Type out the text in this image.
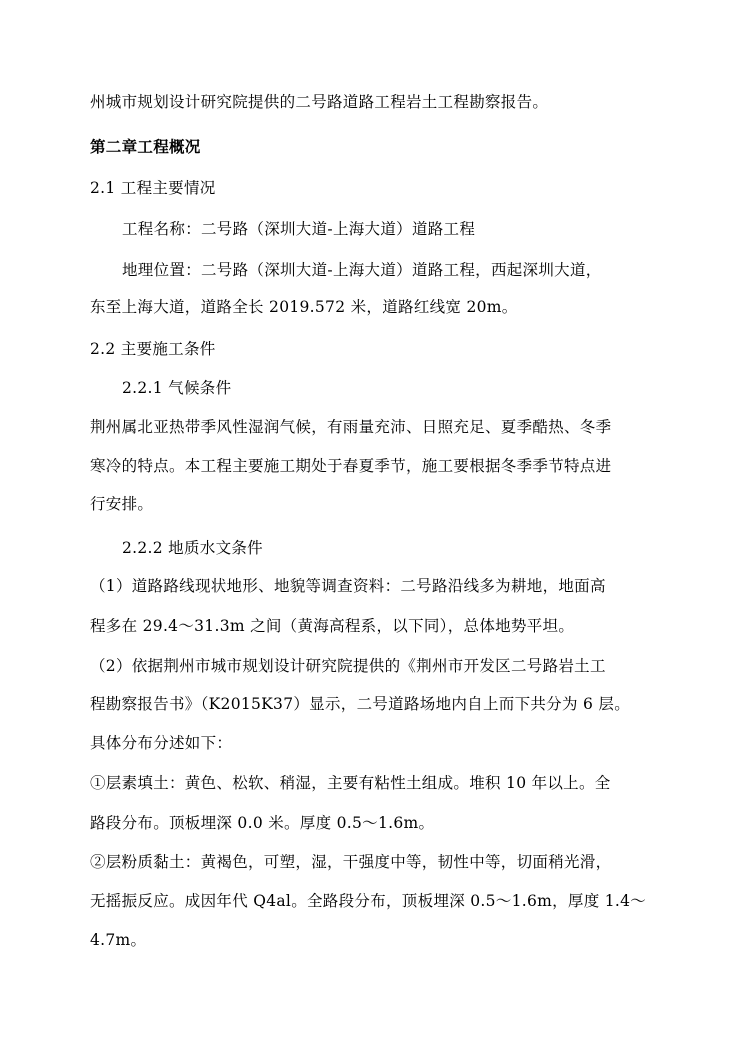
州城市规划设计研究院提供的二号路道路工程岩土工程勘察报告。
第二章工程概况
2.1 工程主要情况
工程名称：二号路（深圳大道-上海大道）道路工程
地理位置：二号路（深圳大道-上海大道）道路工程，西起深圳大道，
东至上海大道，道路全长 2019.572 米，道路红线宽 20m。
2.2 主要施工条件
2.2.1 气候条件
荆州属北亚热带季风性湿润气候，有雨量充沛、日照充足、夏季酷热、冬季
寒冷的特点。本工程主要施工期处于春夏季节，施工要根据冬季季节特点进
行安排。
2.2.2 地质水文条件
（1）道路路线现状地形、地貌等调查资料：二号路沿线多为耕地，地面高
程多在 29.4～31.3m 之间（黄海高程系，以下同），总体地势平坦。
（2）依据荆州市城市规划设计研究院提供的《荆州市开发区二号路岩土工
程勘察报告书》（K2015K37）显示，二号道路场地内自上而下共分为 6 层。
具体分布分述如下：
①层素填土：黄色、松软、稍湿，主要有粘性土组成。堆积 10 年以上。全
路段分布。顶板埋深 0.0 米。厚度 0.5～1.6m。
②层粉质黏土：黄褐色，可塑，湿，干强度中等，韧性中等，切面稍光滑，
无摇振反应。成因年代 Q4al。全路段分布，顶板埋深 0.5～1.6m，厚度 1.4～
4.7m。
